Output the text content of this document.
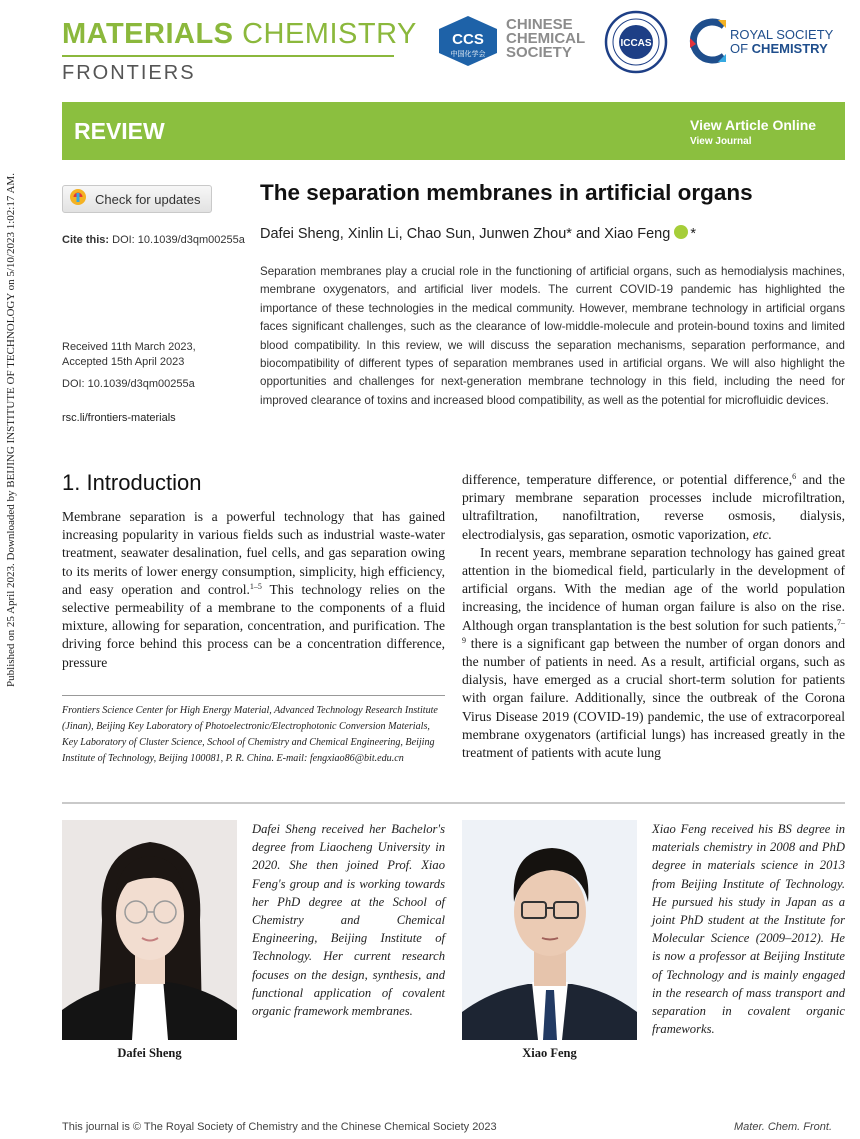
Published on 25 April 2023. Downloaded by BEIJING INSTITUTE OF TECHNOLOGY on 5/10/2023 1:02:17 AM.
MATERIALS CHEMISTRY
FRONTIERS
CCS
中国化学会
CHINESE
CHEMICAL
SOCIETY
ICCAS
ROYAL SOCIETY
OF CHEMISTRY
REVIEW	View Article Online
View Journal
Check for updates
Cite this: DOI: 10.1039/d3qm00255a
The separation membranes in artificial organs
Dafei Sheng, Xinlin Li, Chao Sun, Junwen Zhou* and Xiao Feng *
Separation membranes play a crucial role in the functioning of artificial organs, such as hemodialysis machines, membrane oxygenators, and artificial liver models. The current COVID-19 pandemic has highlighted the importance of these technologies in the medical community. However, membrane technology in artificial organs faces significant challenges, such as the clearance of low-middle-molecule and protein-bound toxins and limited blood compatibility. In this review, we will discuss the separation mechanisms, separation performance, and biocompatibility of different types of separation membranes used in artificial organs. We will also highlight the opportunities and challenges for next-generation membrane technology in this field, including the need for improved clearance of toxins and increased blood compatibility, as well as the potential for microfluidic devices.
Received 11th March 2023,
Accepted 15th April 2023
DOI: 10.1039/d3qm00255a
rsc.li/frontiers-materials
1. Introduction
Membrane separation is a powerful technology that has gained increasing popularity in various fields such as industrial waste-water treatment, seawater desalination, fuel cells, and gas separation owing to its merits of lower energy consumption, simplicity, high efficiency, and easy operation and control.$^{1-5}$ This technology relies on the selective permeability of a membrane to the components of a fluid mixture, allowing for separation, concentration, and purification. The driving force behind this process can be a concentration difference, pressure

difference, temperature difference, or potential difference,$^6$ and the primary membrane separation processes include microfiltration, ultrafiltration, nanofiltration, reverse osmosis, dialysis, electrodialysis, gas separation, osmotic vaporization, etc.

In recent years, membrane separation technology has gained great attention in the biomedical field, particularly in the development of artificial organs. With the median age of the world population increasing, the incidence of human organ failure is also on the rise. Although organ transplantation is the best solution for such patients,$^{7-9}$ there is a significant gap between the number of organ donors and the number of patients in need. As a result, artificial organs, such as dialysis, have emerged as a crucial short-term solution for patients with organ failure. Additionally, since the outbreak of the Corona Virus Disease 2019 (COVID-19) pandemic, the use of extracorporeal membrane oxygenators (artificial lungs) has increased greatly in the treatment of patients with acute lung

Frontiers Science Center for High Energy Material, Advanced Technology Research Institute (Jinan), Beijing Key Laboratory of Photoelectronic/Electrophotonic Conversion Materials, Key Laboratory of Cluster Science, School of Chemistry and Chemical Engineering, Beijing Institute of Technology, Beijing 100081, P. R. China. E-mail: fengxiao86@bit.edu.cn
Dafei Sheng
Dafei Sheng received her Bachelor's degree from Liaocheng University in 2020. She then joined Prof. Xiao Feng's group and is working towards her PhD degree at the School of Chemistry and Chemical Engineering, Beijing Institute of Technology. Her current research focuses on the design, synthesis, and functional application of covalent organic framework membranes.
Xiao Feng
Xiao Feng received his BS degree in materials chemistry in 2008 and PhD degree in materials science in 2013 from Beijing Institute of Technology. He pursued his study in Japan as a joint PhD student at the Institute for Molecular Science (2009–2012). He is now a professor at Beijing Institute of Technology and is mainly engaged in the research of mass transport and separation in covalent organic frameworks.
This journal is © The Royal Society of Chemistry and the Chinese Chemical Society 2023	Mater. Chem. Front.
